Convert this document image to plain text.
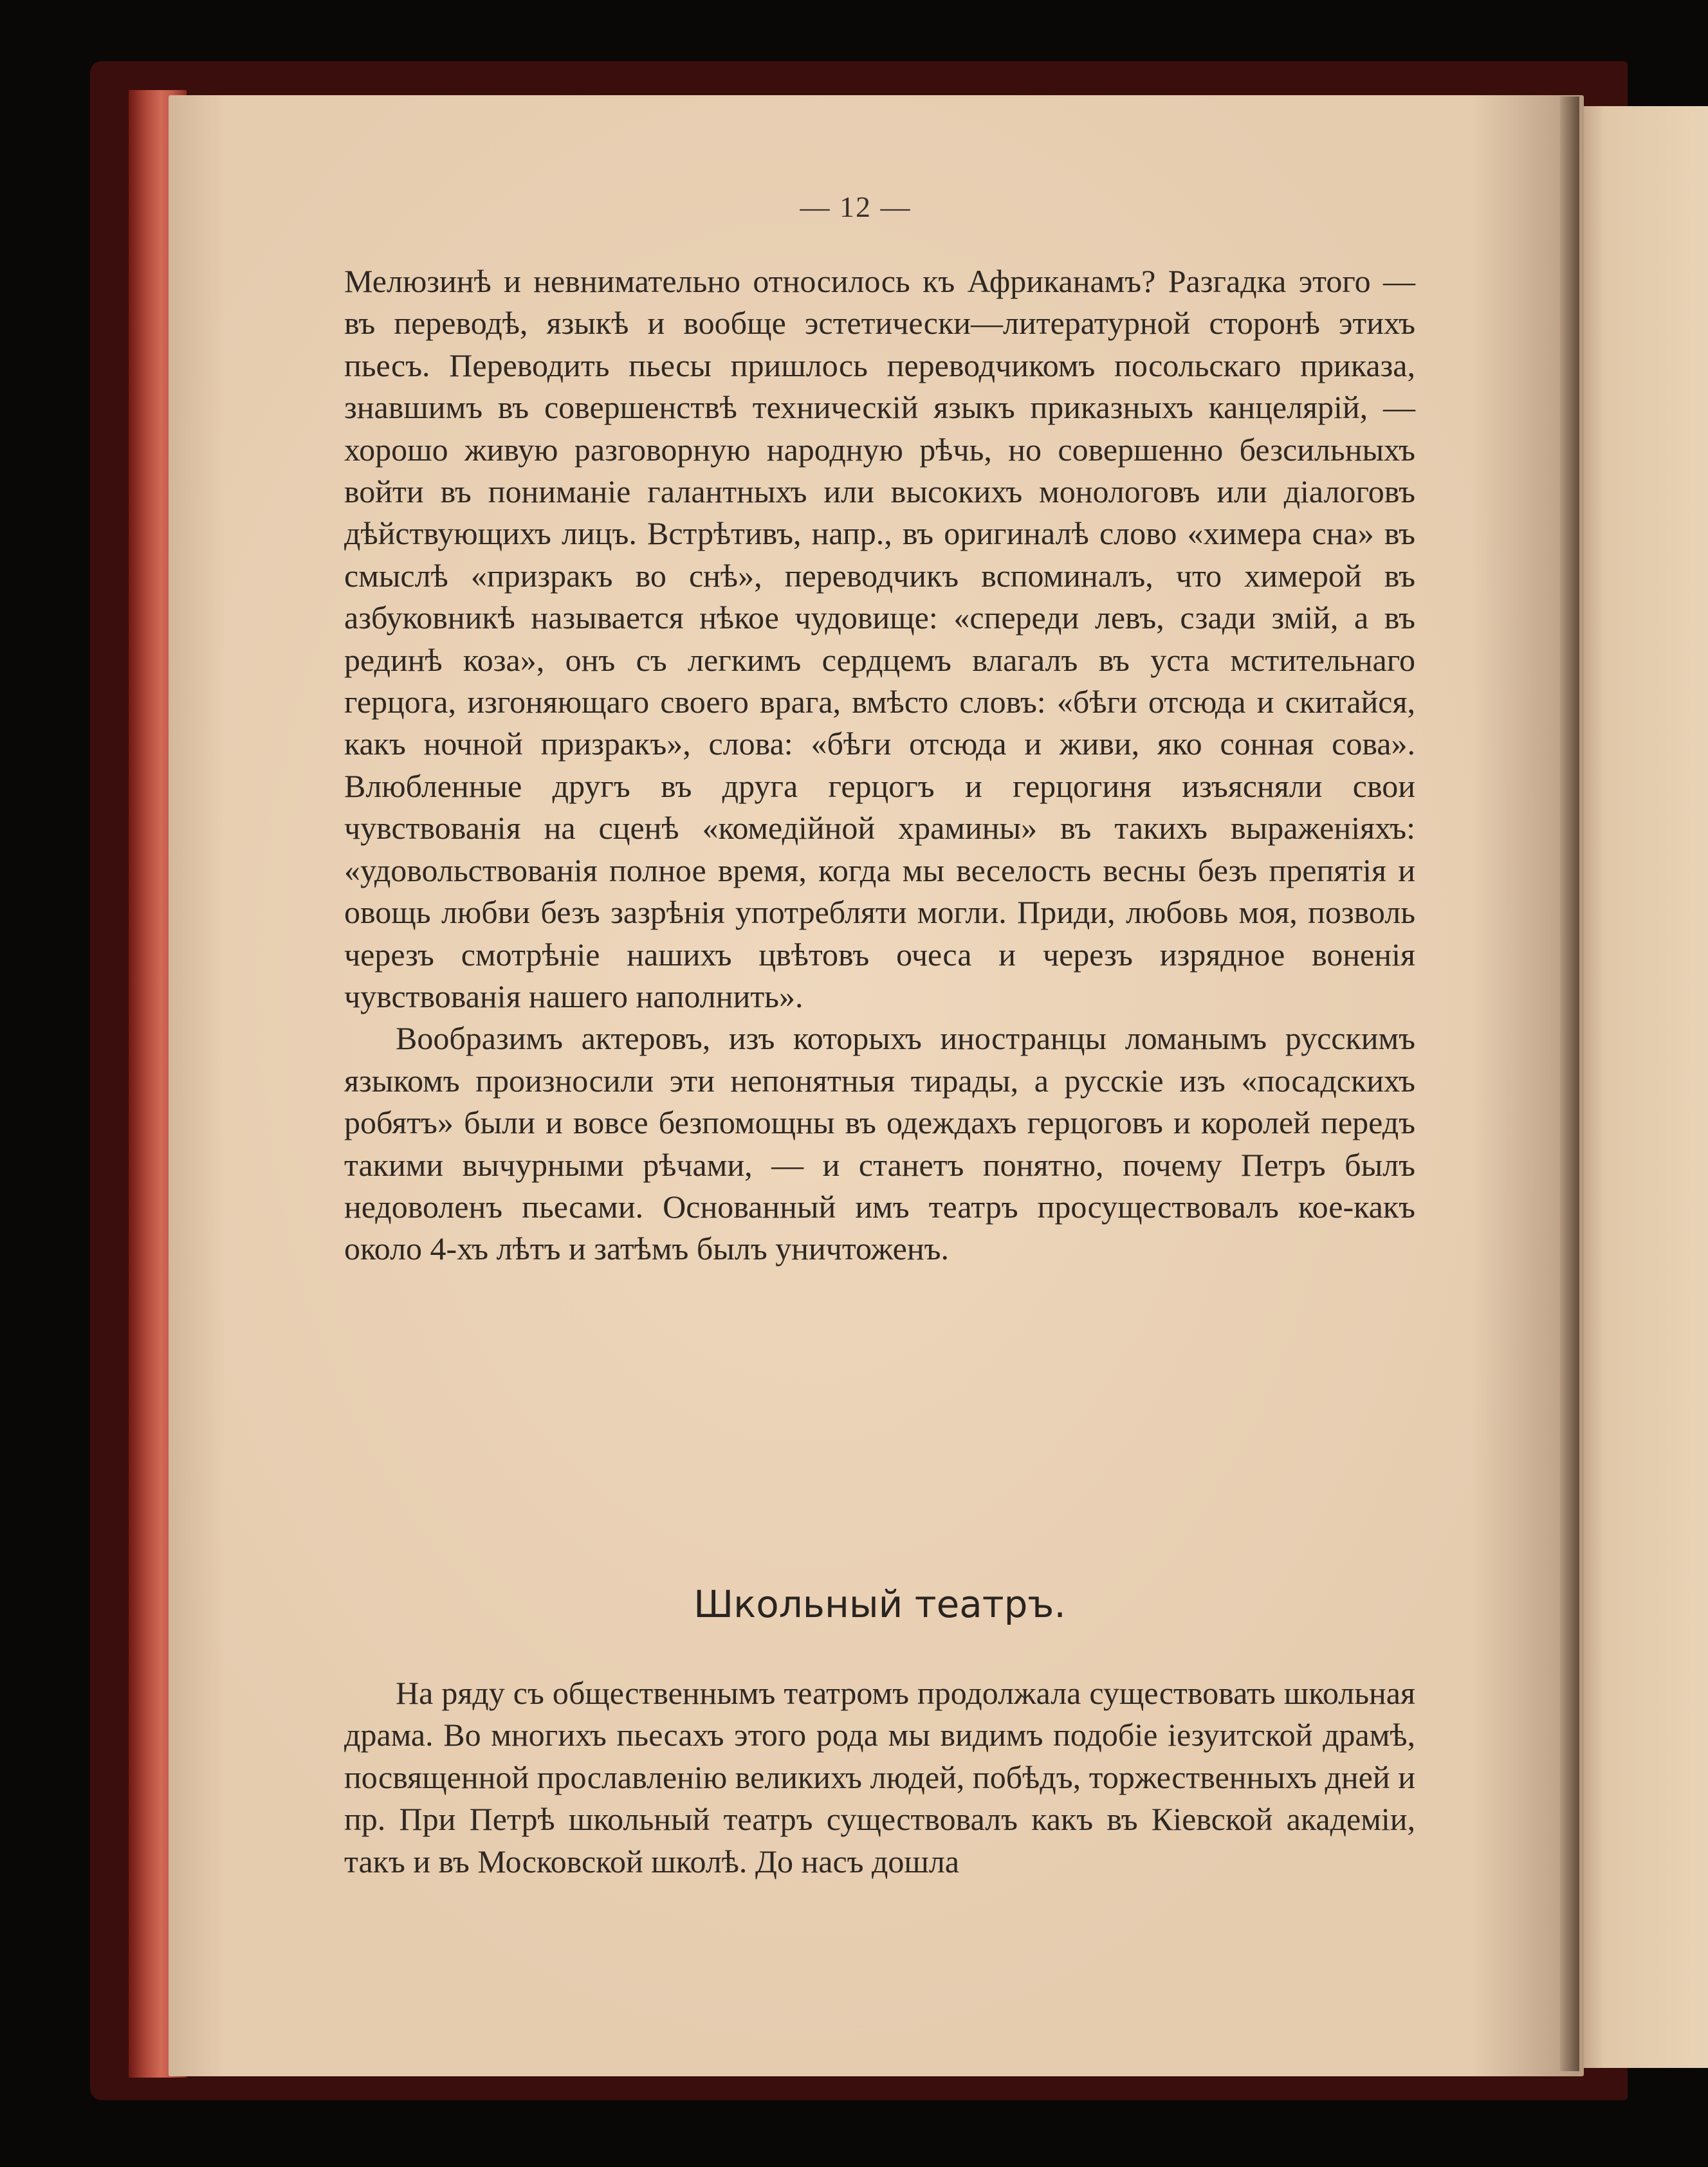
— 12 —

Мелюзинѣ и невнимательно относилось къ Африканамъ? Разгадка этого — въ переводѣ, языкѣ и вообще эстетически—литературной сторонѣ этихъ пьесъ. Переводить пьесы пришлось переводчикомъ посольскаго приказа, знавшимъ въ совершенствѣ техническій языкъ приказныхъ канцелярій, — хорошо живую разговорную народную рѣчь, но совершенно безсильныхъ войти въ пониманіе галантныхъ или высокихъ монологовъ или діалоговъ дѣйствующихъ лицъ. Встрѣтивъ, напр., въ оригиналѣ слово «химера сна» въ смыслѣ «призракъ во снѣ», переводчикъ вспоминалъ, что химерой въ азбуковникѣ называется нѣкое чудовище: «спереди левъ, сзади змій, а въ рединѣ коза», онъ съ легкимъ сердцемъ влагалъ въ уста мстительнаго герцога, изгоняющаго своего врага, вмѣсто словъ: «бѣги отсюда и скитайся, какъ ночной призракъ», слова: «бѣги отсюда и живи, яко сонная сова». Влюбленные другъ въ друга герцогъ и герцогиня изъясняли свои чувствованія на сценѣ «комедійной храмины» въ такихъ выраженіяхъ: «удовольствованія полное время, когда мы веселость весны безъ препятія и овощь любви безъ зазрѣнія употребляти могли. Приди, любовь моя, позволь черезъ смотрѣніе нашихъ цвѣтовъ очеса и черезъ изрядное воненія чувствованія нашего наполнить».

Вообразимъ актеровъ, изъ которыхъ иностранцы ломанымъ русскимъ языкомъ произносили эти непонятныя тирады, а русскіе изъ «посадскихъ робятъ» были и вовсе безпомощны въ одеждахъ герцоговъ и королей передъ такими вычурными рѣчами, — и станетъ понятно, почему Петръ былъ недоволенъ пьесами. Основанный имъ театръ просуществовалъ кое-какъ около 4-хъ лѣтъ и затѣмъ былъ уничтоженъ.

Школьный театръ.

На ряду съ общественнымъ театромъ продолжала существовать школьная драма. Во многихъ пьесахъ этого рода мы видимъ подобіе іезуитской драмѣ, посвященной прославленію великихъ людей, побѣдъ, торжественныхъ дней и пр. При Петрѣ школьный театръ существовалъ какъ въ Кіевской академіи, такъ и въ Московской школѣ. До насъ дошла
